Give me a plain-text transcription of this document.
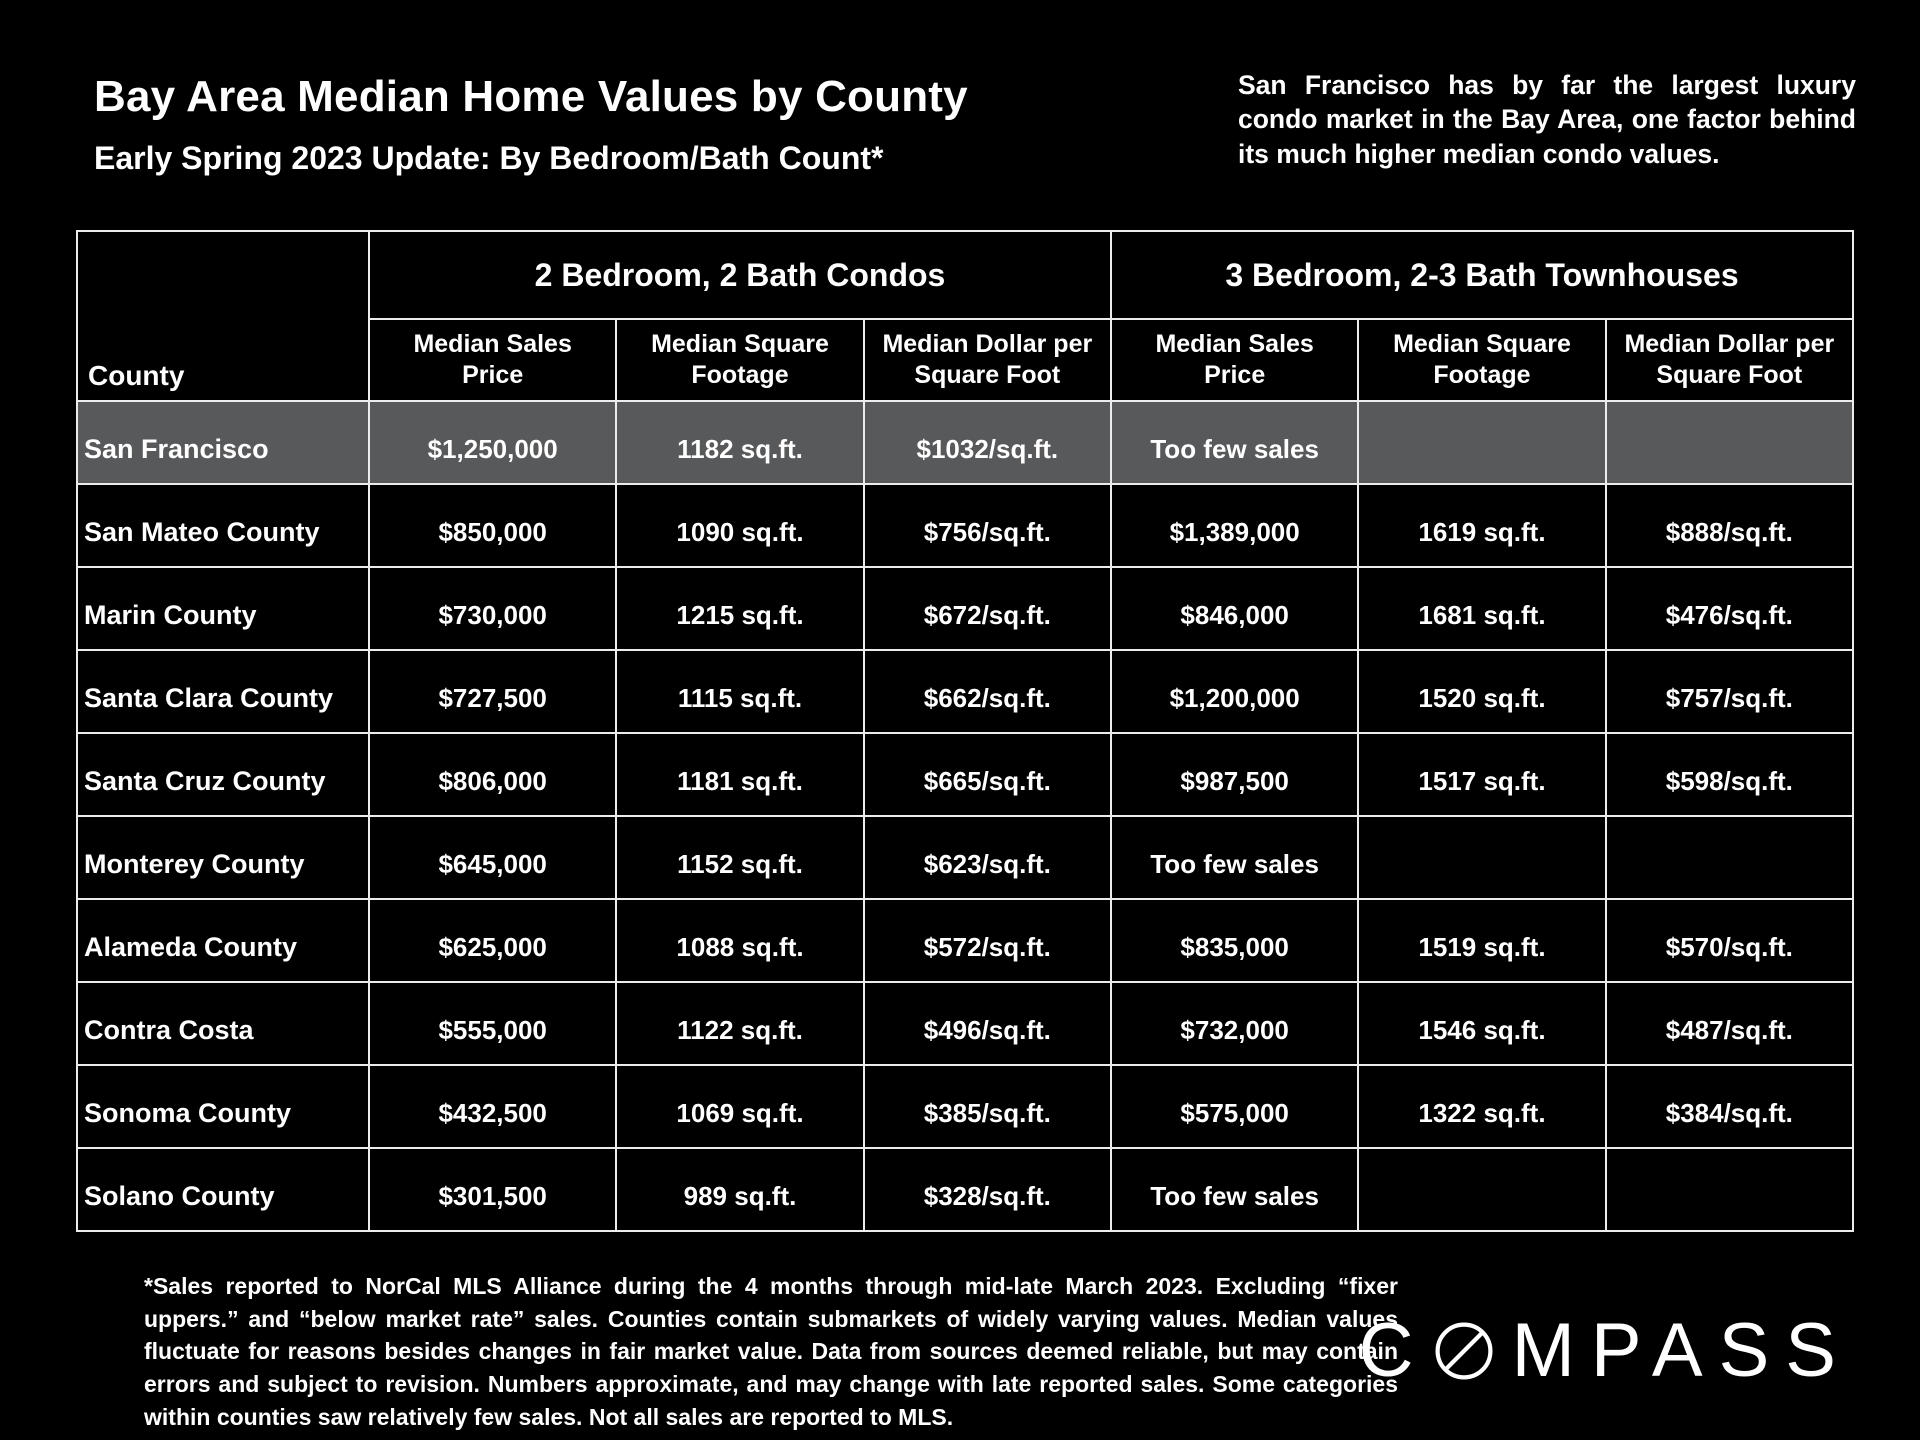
Bay Area Median Home Values by County
Early Spring 2023 Update: By Bedroom/Bath Count*
San Francisco has by far the largest luxury condo market in the Bay Area, one factor behind its much higher median condo values.
County	2 Bedroom, 2 Bath Condos			3 Bedroom, 2-3 Bath Townhouses		
	Median Sales Price	Median Square Footage	Median Dollar per Square Foot	Median Sales Price	Median Square Footage	Median Dollar per Square Foot
San Francisco	$1,250,000	1182 sq.ft.	$1032/sq.ft.	Too few sales		
San Mateo County	$850,000	1090 sq.ft.	$756/sq.ft.	$1,389,000	1619 sq.ft.	$888/sq.ft.
Marin County	$730,000	1215 sq.ft.	$672/sq.ft.	$846,000	1681 sq.ft.	$476/sq.ft.
Santa Clara County	$727,500	1115 sq.ft.	$662/sq.ft.	$1,200,000	1520 sq.ft.	$757/sq.ft.
Santa Cruz County	$806,000	1181 sq.ft.	$665/sq.ft.	$987,500	1517 sq.ft.	$598/sq.ft.
Monterey County	$645,000	1152 sq.ft.	$623/sq.ft.	Too few sales		
Alameda County	$625,000	1088 sq.ft.	$572/sq.ft.	$835,000	1519 sq.ft.	$570/sq.ft.
Contra Costa	$555,000	1122 sq.ft.	$496/sq.ft.	$732,000	1546 sq.ft.	$487/sq.ft.
Sonoma County	$432,500	1069 sq.ft.	$385/sq.ft.	$575,000	1322 sq.ft.	$384/sq.ft.
Solano County	$301,500	989 sq.ft.	$328/sq.ft.	Too few sales		
*Sales reported to NorCal MLS Alliance during the 4 months through mid-late March 2023. Excluding “fixer uppers.” and “below market rate” sales. Counties contain submarkets of widely varying values. Median values fluctuate for reasons besides changes in fair market value. Data from sources deemed reliable, but may contain errors and subject to revision. Numbers approximate, and may change with late reported sales. Some categories within counties saw relatively few sales. Not all sales are reported to MLS.
C MPASS
